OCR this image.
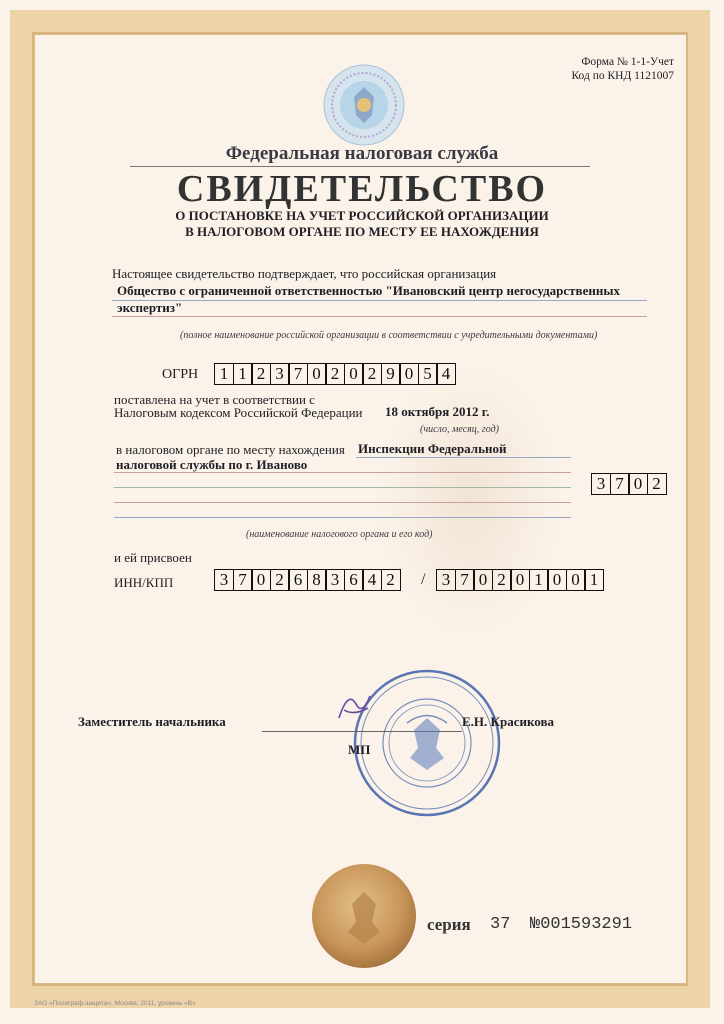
Форма № 1-1-Учет
Код по КНД 1121007
Федеральная налоговая служба
СВИДЕТЕЛЬСТВО
О ПОСТАНОВКЕ НА УЧЕТ РОССИЙСКОЙ ОРГАНИЗАЦИИ
В НАЛОГОВОМ ОРГАНЕ ПО МЕСТУ ЕЕ НАХОЖДЕНИЯ
Настоящее свидетельство подтверждает, что российская организация
Общество с ограниченной ответственностью "Ивановский центр негосударственных
экспертиз"
(полное наименование российской организации в соответствии с учредительными документами)
ОГРН	1 1 2 3 7 0 2 0 2 9 0 5 4
поставлена на учет в соответствии с
Налоговым кодексом Российской Федерации 18 октября 2012 г.
(число, месяц, год)
в налоговом органе по месту нахождения Инспекции Федеральной
налоговой службы по г. Иваново
3 7 0 2
(наименование налогового органа и его код)
и ей присвоен
ИНН/КПП	3 7 0 2 6 8 3 6 4 2	/ 3 7 0 2 0 1 0 0 1
Заместитель начальника
МП
Е.Н. Красикова
серия 37 №001593291
ЗАО «Полиграф-защита», Москва, 2011, уровень «В»
